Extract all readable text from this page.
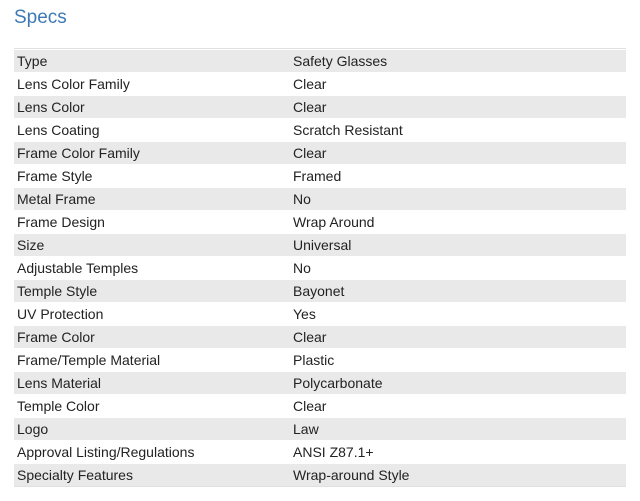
Specs
Type	Safety Glasses
Lens Color Family	Clear
Lens Color	Clear
Lens Coating	Scratch Resistant
Frame Color Family	Clear
Frame Style	Framed
Metal Frame	No
Frame Design	Wrap Around
Size	Universal
Adjustable Temples	No
Temple Style	Bayonet
UV Protection	Yes
Frame Color	Clear
Frame/Temple Material	Plastic
Lens Material	Polycarbonate
Temple Color	Clear
Logo	Law
Approval Listing/Regulations	ANSI Z87.1+
Specialty Features	Wrap-around Style
